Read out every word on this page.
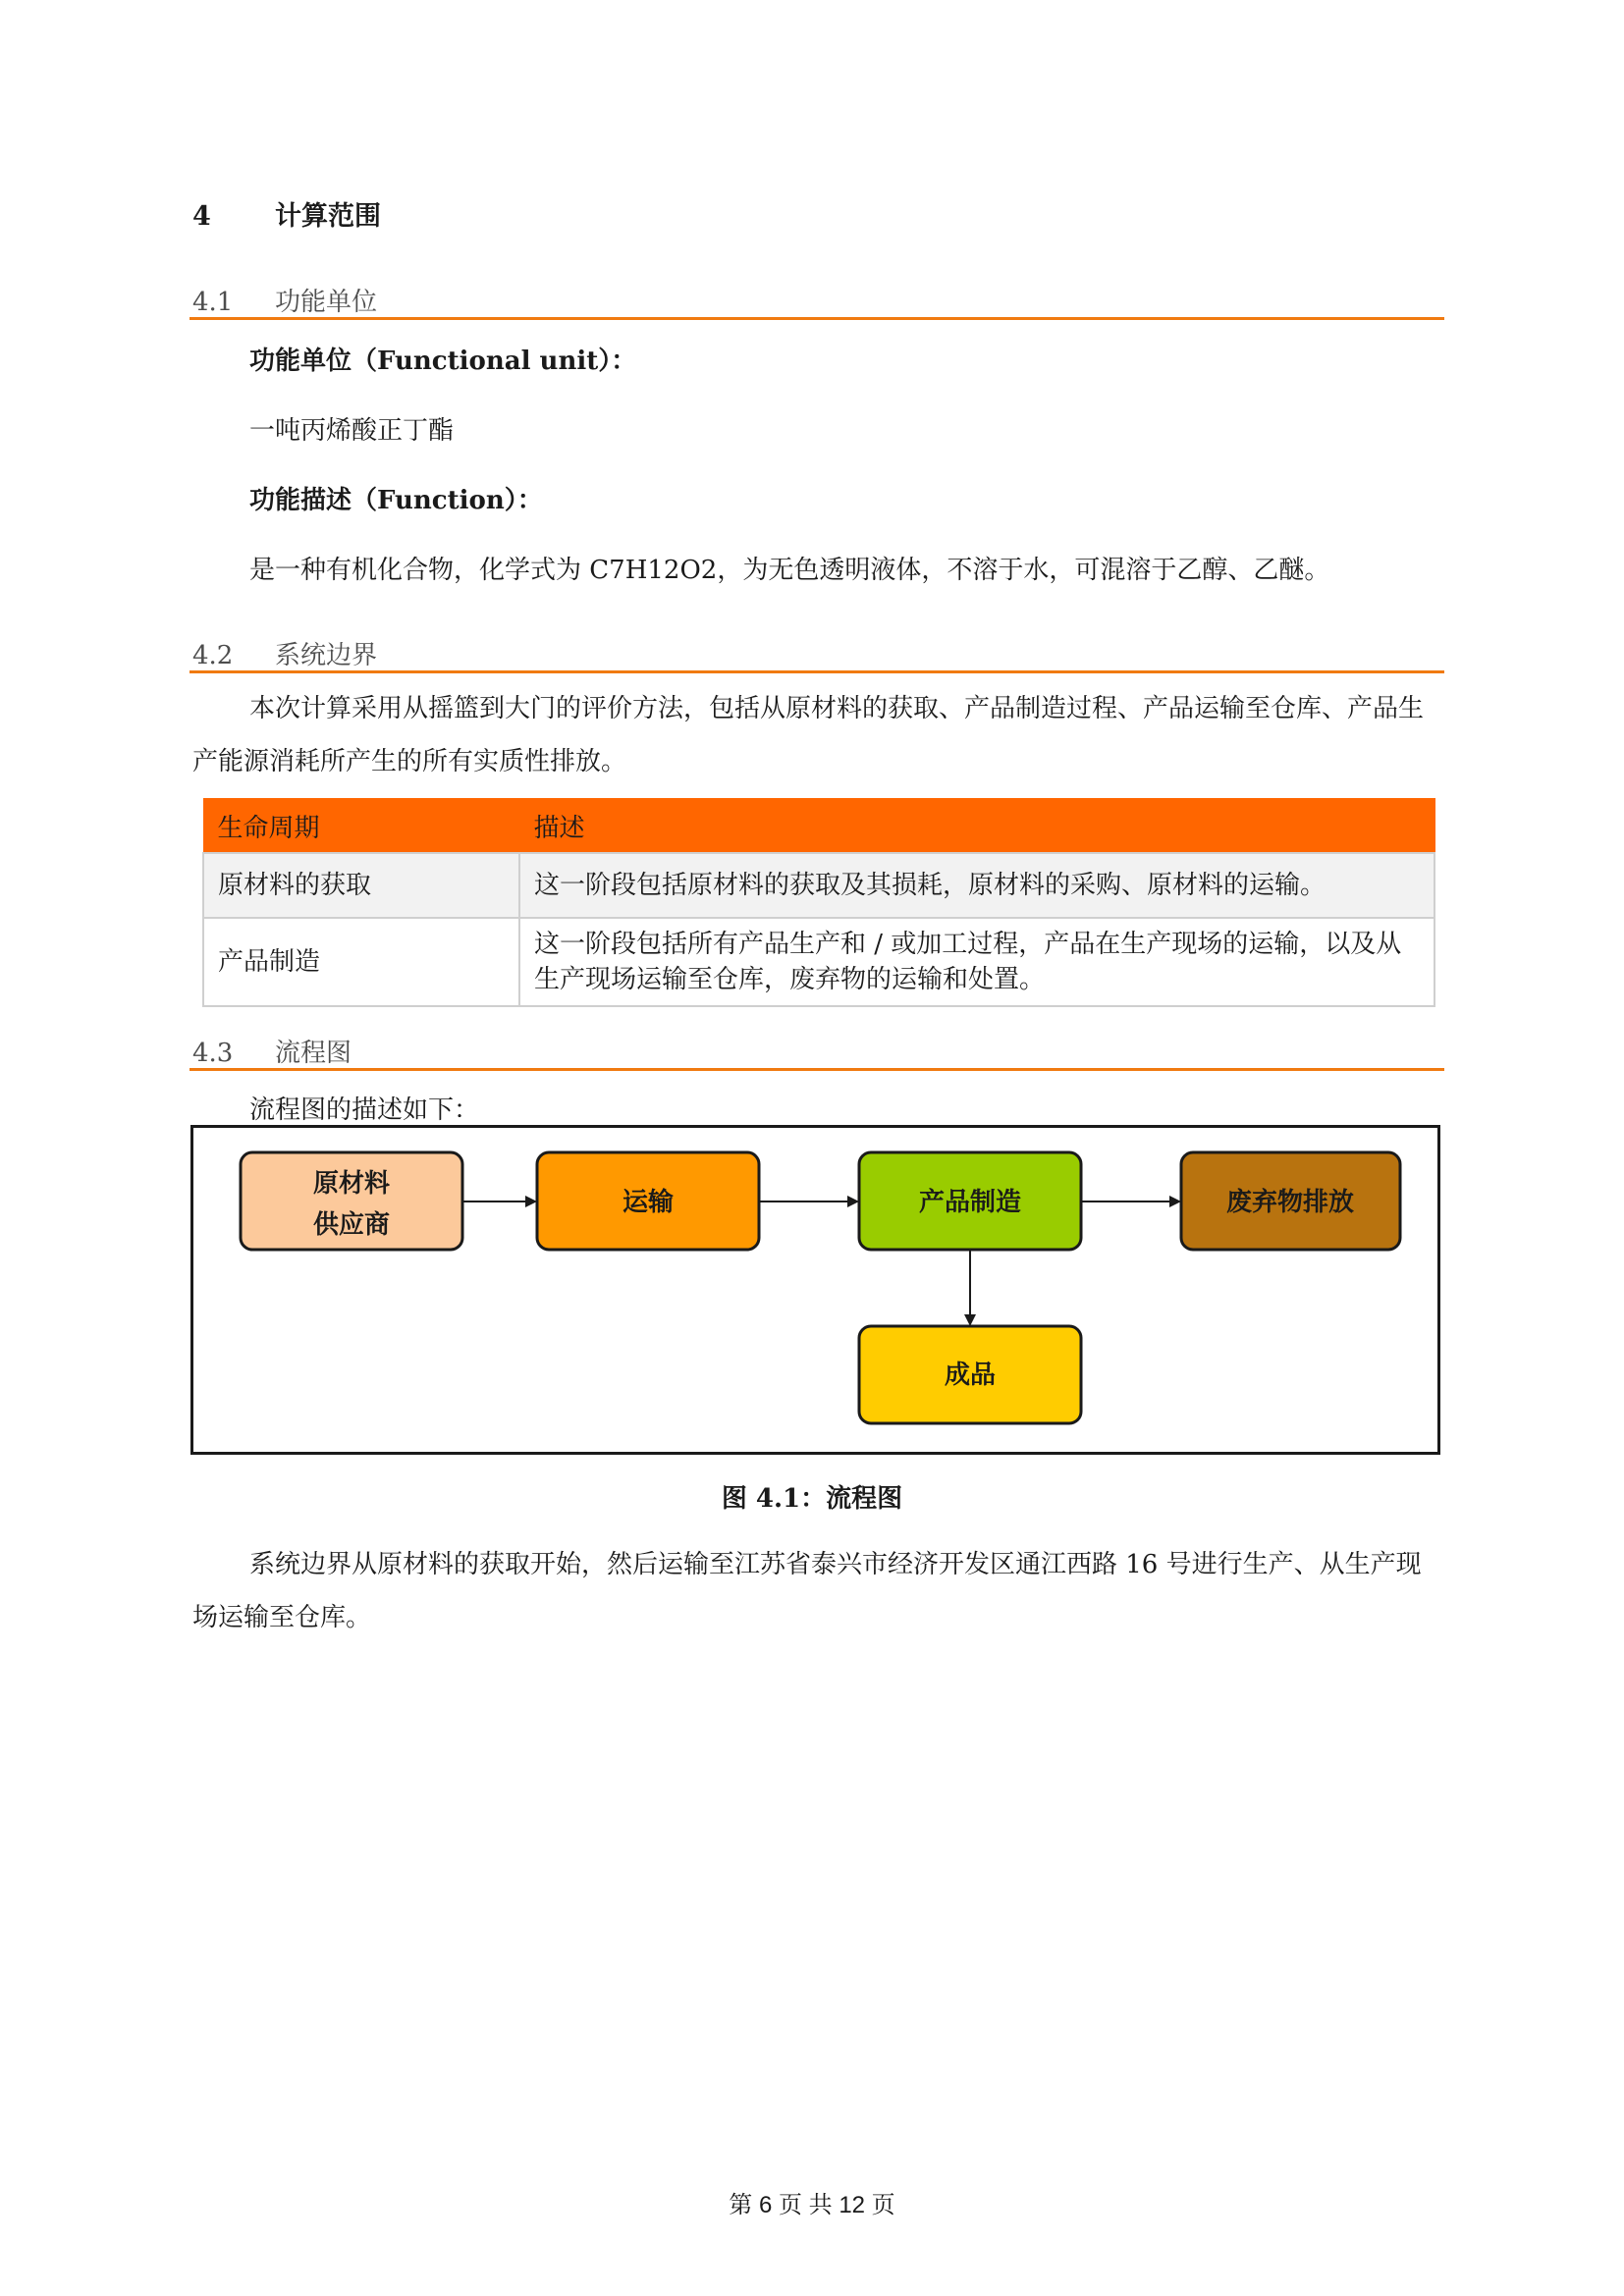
4 计算范围
4.1 功能单位
功能单位（Functional unit）：
一吨丙烯酸正丁酯
功能描述（Function）：
是一种有机化合物，化学式为 C7H12O2，为无色透明液体，不溶于水，可混溶于乙醇、乙醚。
4.2 系统边界
本次计算采用从摇篮到大门的评价方法，包括从原材料的获取、产品制造过程、产品运输至仓库、产品生产能源消耗所产生的所有实质性排放。
生命周期	描述
原材料的获取	这一阶段包括原材料的获取及其损耗，原材料的采购、原材料的运输。
产品制造	这一阶段包括所有产品生产和 / 或加工过程，产品在生产现场的运输，以及从生产现场运输至仓库，废弃物的运输和处置。
4.3 流程图
流程图的描述如下：
原材料
供应商
运输	产品制造	废弃物排放
成品
图 4.1：流程图
系统边界从原材料的获取开始，然后运输至江苏省泰兴市经济开发区通江西路 16 号进行生产、从生产现场运输至仓库。
第 6 页 共 12 页
